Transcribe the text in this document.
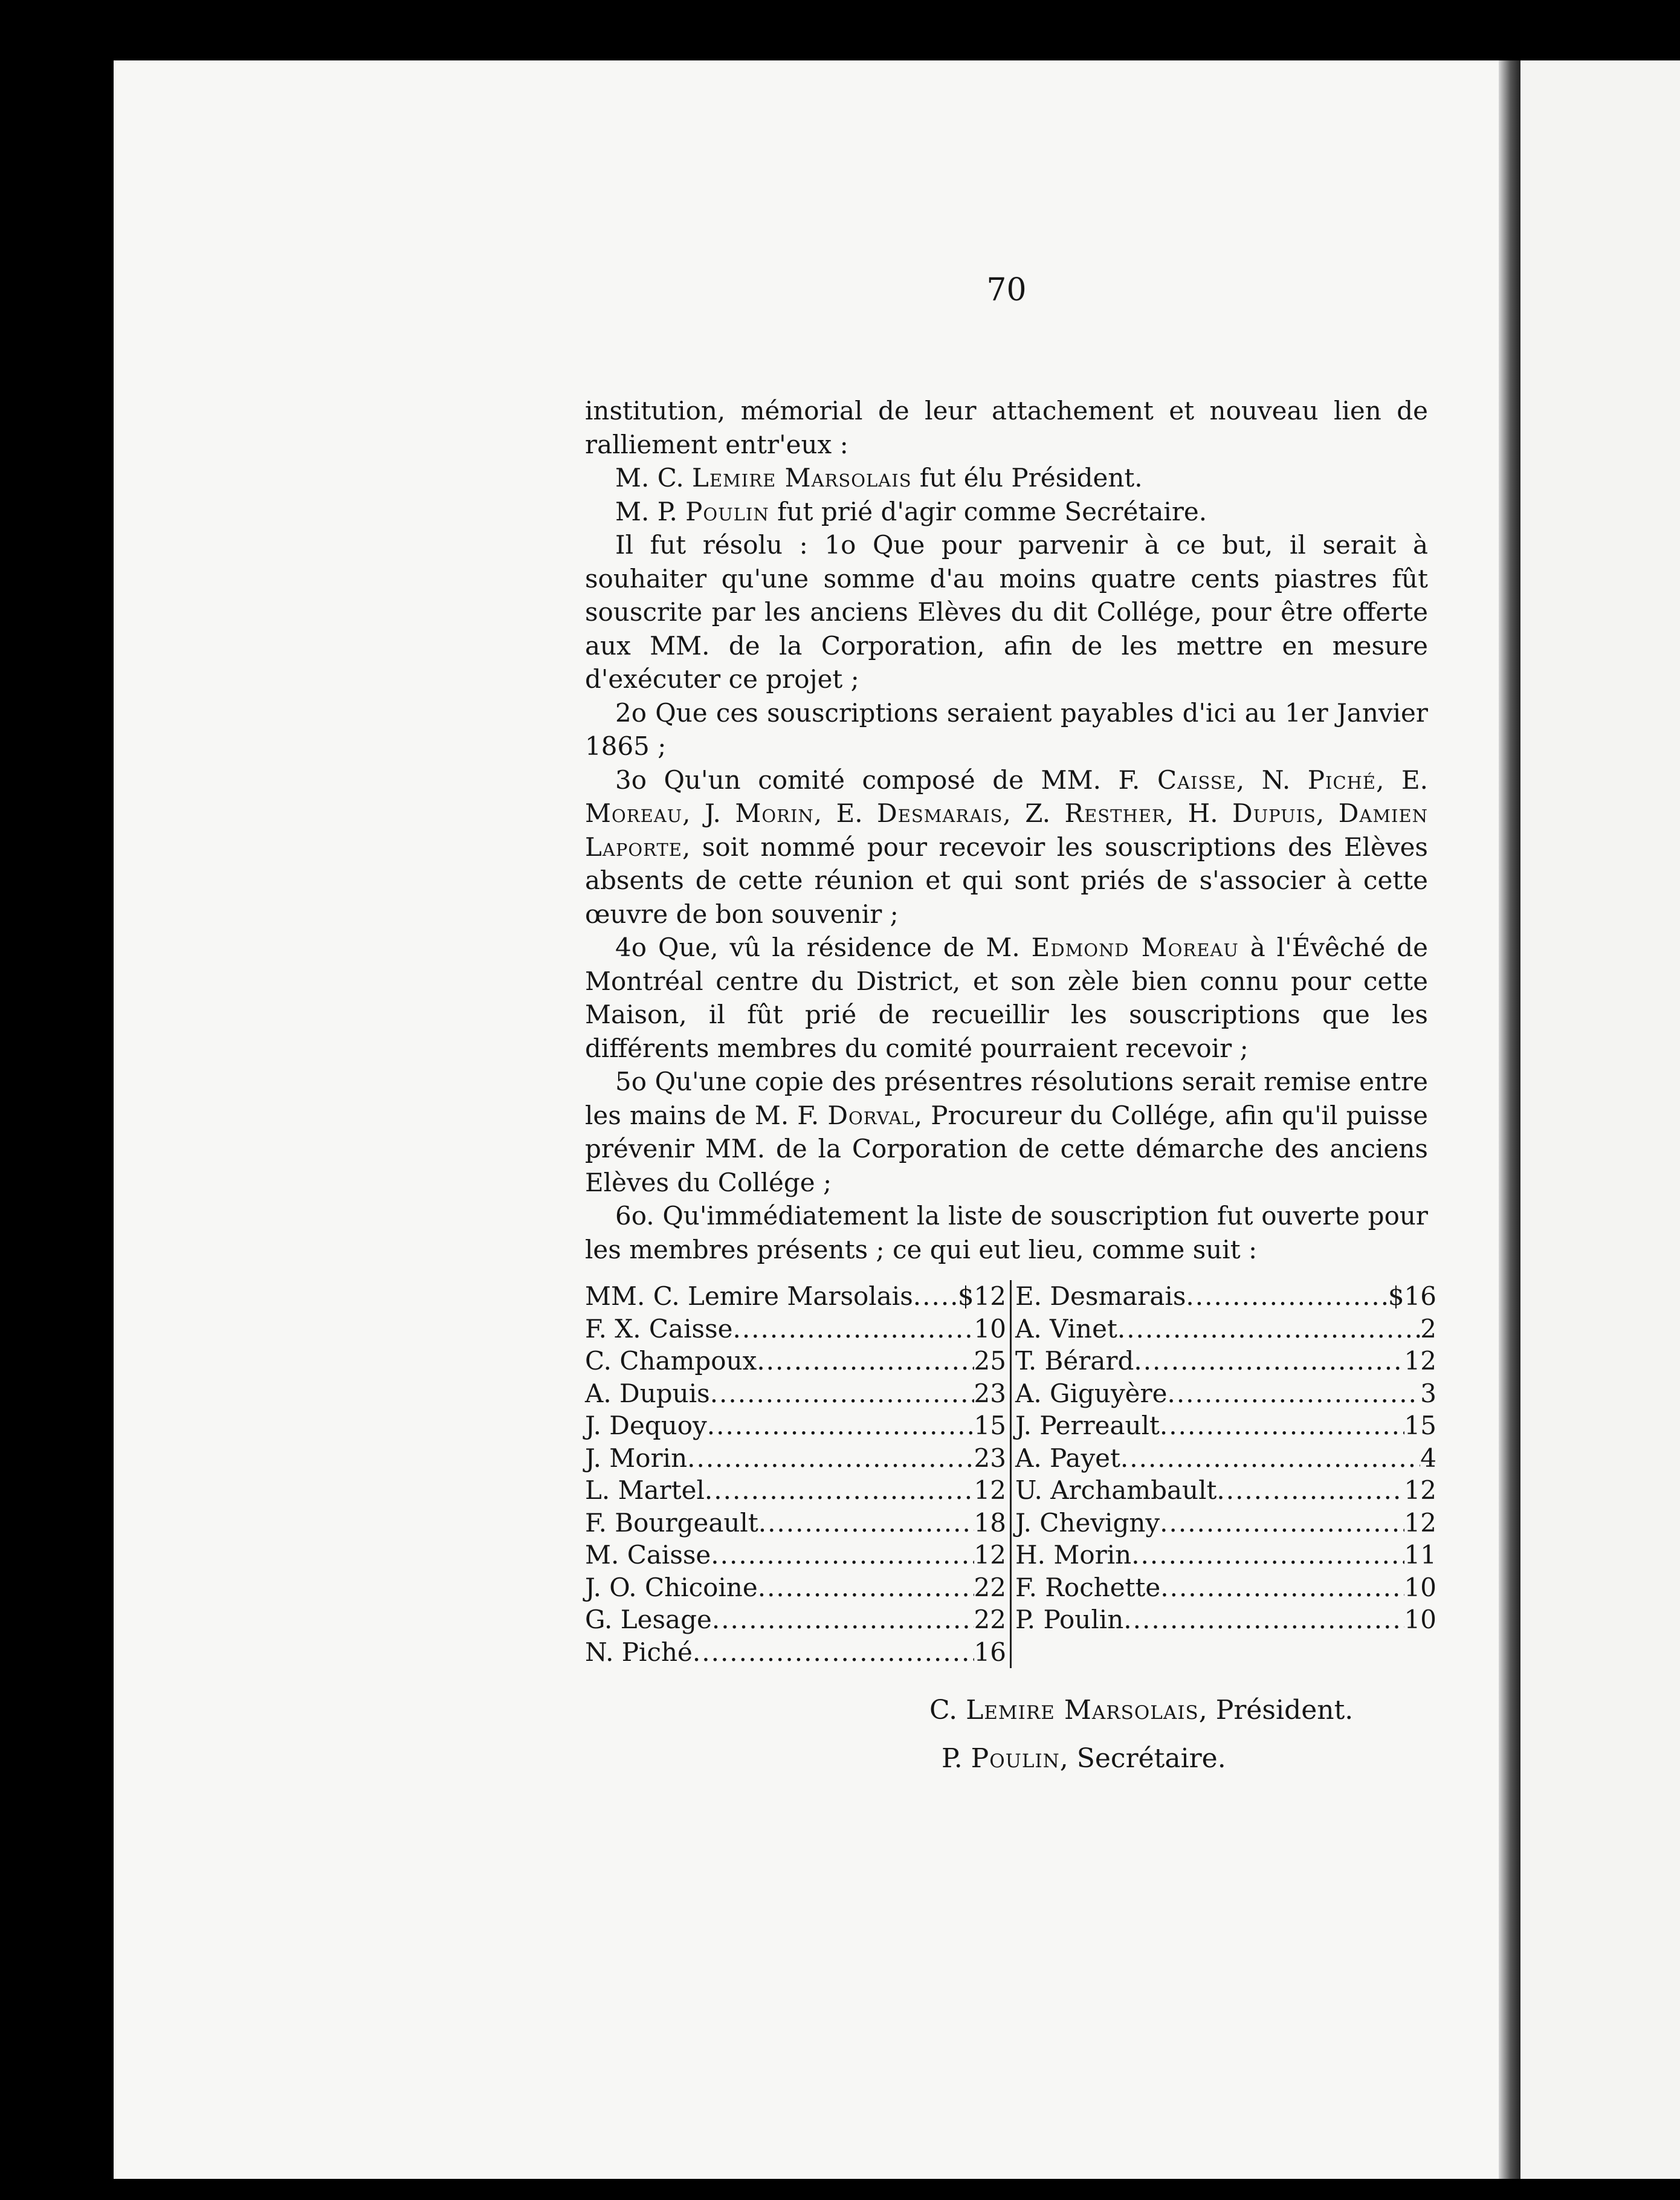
70

institution, mémorial de leur attachement et nouveau lien de ralliement entr'eux :

M. C. Lemire Marsolais fut élu Président.

M. P. Poulin fut prié d'agir comme Secrétaire.

Il fut résolu : 1o Que pour parvenir à ce but, il serait à souhaiter qu'une somme d'au moins quatre cents piastres fût souscrite par les anciens Elèves du dit Collége, pour être offerte aux MM. de la Corporation, afin de les mettre en mesure d'exécuter ce projet ;

2o Que ces souscriptions seraient payables d'ici au 1er Janvier 1865 ;

3o Qu'un comité composé de MM. F. Caisse, N. Piché, E. Moreau, J. Morin, E. Desmarais, Z. Resther, H. Dupuis, Damien Laporte, soit nommé pour recevoir les souscriptions des Elèves absents de cette réunion et qui sont priés de s'associer à cette œuvre de bon souvenir ;

4o Que, vû la résidence de M. Edmond Moreau à l'Évêché de Montréal centre du District, et son zèle bien connu pour cette Maison, il fût prié de recueillir les souscriptions que les différents membres du comité pourraient recevoir ;

5o Qu'une copie des présentres résolutions serait remise entre les mains de M. F. Dorval, Procureur du Collége, afin qu'il puisse prévenir MM. de la Corporation de cette démarche des anciens Elèves du Collége ;

6o. Qu'immédiatement la liste de souscription fut ouverte pour les membres présents ; ce qui eut lieu, comme suit :

MM. C. Lemire Marsolais ..... $12
F. X. Caisse .....	10
C. Champoux .....	25
A. Dupuis .....	23
J. Dequoy .....	15
J. Morin .....	23
L. Martel .....	12
F. Bourgeault .....	18
M. Caisse .....	12
J. O. Chicoine .....	22
G. Lesage .....	22
N. Piché .....	16
E. Desmarais .....	$16
A. Vinet .....	2
T. Bérard .....	12
A. Giguyère .....	3
J. Perreault .....	15
A. Payet .....	4
U. Archambault .....	12
J. Chevigny .....	12
H. Morin .....	11
F. Rochette .....	10
P. Poulin .....	10
C. Lemire Marsolais, Président.
P. Poulin, Secrétaire.
